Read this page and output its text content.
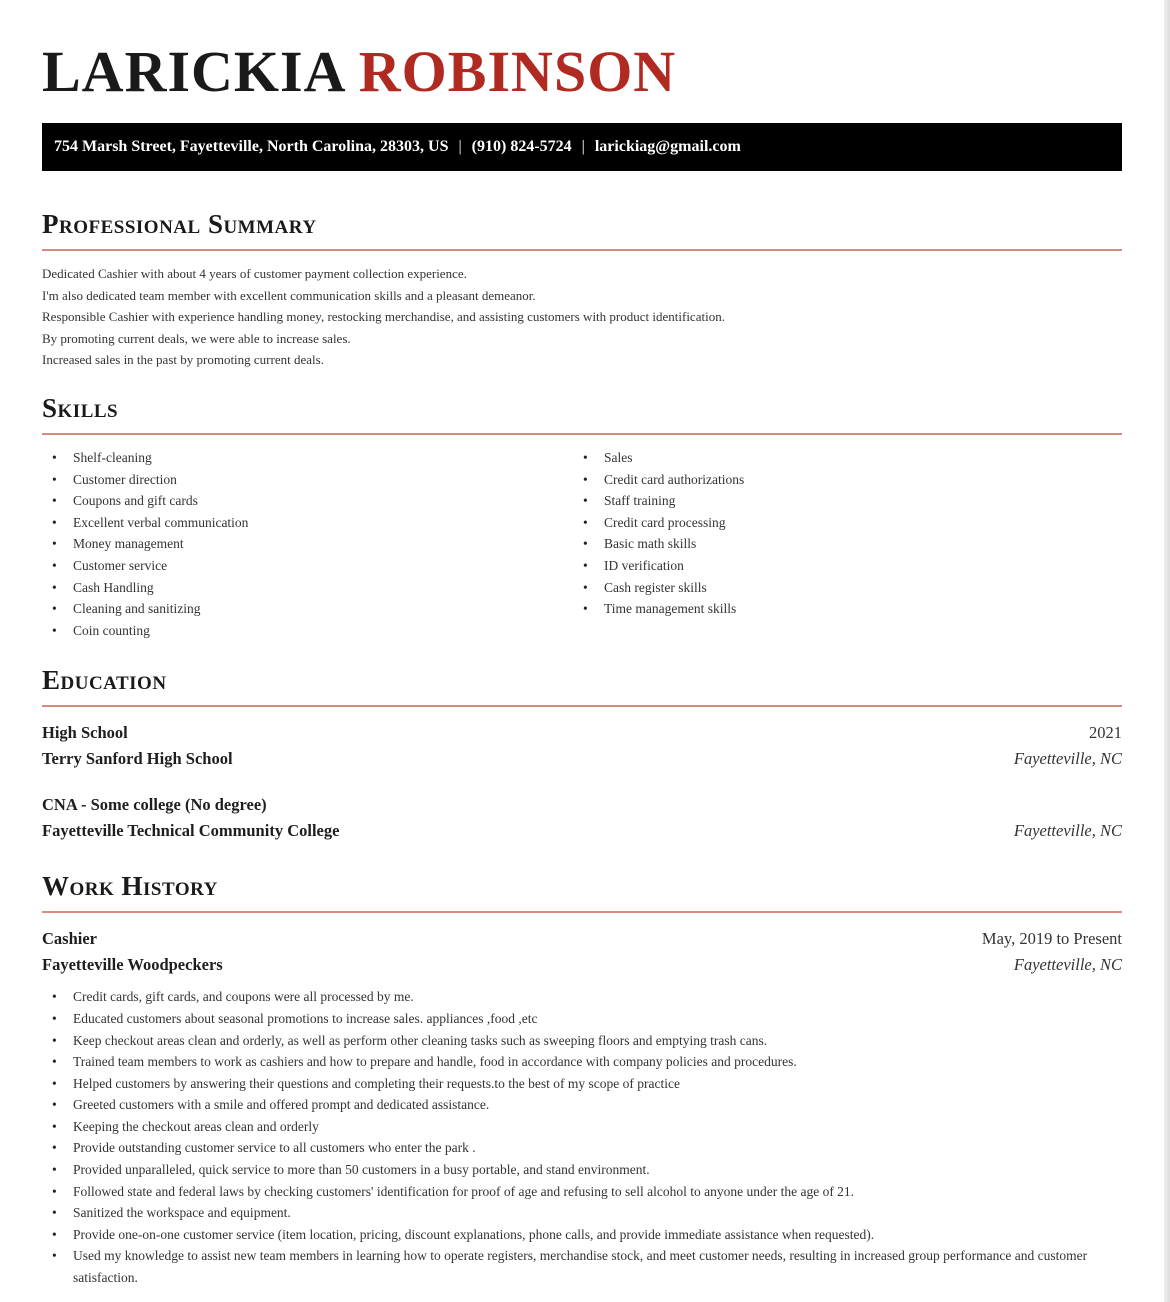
LARICKIA ROBINSON
754 Marsh Street, Fayetteville, North Carolina, 28303, US | (910) 824-5724 | larickiag@gmail.com
Professional Summary

Dedicated Cashier with about 4 years of customer payment collection experience.

I'm also dedicated team member with excellent communication skills and a pleasant demeanor.

Responsible Cashier with experience handling money, restocking merchandise, and assisting customers with product identification.

By promoting current deals, we were able to increase sales.

Increased sales in the past by promoting current deals.

Skills
• Shelf-cleaning
• Customer direction
• Coupons and gift cards
• Excellent verbal communication
• Money management
• Customer service
• Cash Handling
• Cleaning and sanitizing
• Coin counting
• Sales
• Credit card authorizations
• Staff training
• Credit card processing
• Basic math skills
• ID verification
• Cash register skills
• Time management skills
Education
High School	2021
Terry Sanford High School	Fayetteville, NC
CNA - Some college (No degree)
Fayetteville Technical Community College	Fayetteville, NC
Work History
Cashier	May, 2019 to Present
Fayetteville Woodpeckers	Fayetteville, NC
• Credit cards, gift cards, and coupons were all processed by me.
• Educated customers about seasonal promotions to increase sales. appliances ,food ,etc
• Keep checkout areas clean and orderly, as well as perform other cleaning tasks such as sweeping floors and emptying trash cans.
• Trained team members to work as cashiers and how to prepare and handle, food in accordance with company policies and procedures.
• Helped customers by answering their questions and completing their requests.to the best of my scope of practice
• Greeted customers with a smile and offered prompt and dedicated assistance.
• Keeping the checkout areas clean and orderly
• Provide outstanding customer service to all customers who enter the park .
• Provided unparalleled, quick service to more than 50 customers in a busy portable, and stand environment.
• Followed state and federal laws by checking customers' identification for proof of age and refusing to sell alcohol to anyone under the age of 21.
• Sanitized the workspace and equipment.
• Provide one-on-one customer service (item location, pricing, discount explanations, phone calls, and provide immediate assistance when requested).
• Used my knowledge to assist new team members in learning how to operate registers, merchandise stock, and meet customer needs, resulting in increased group performance and customer satisfaction.
